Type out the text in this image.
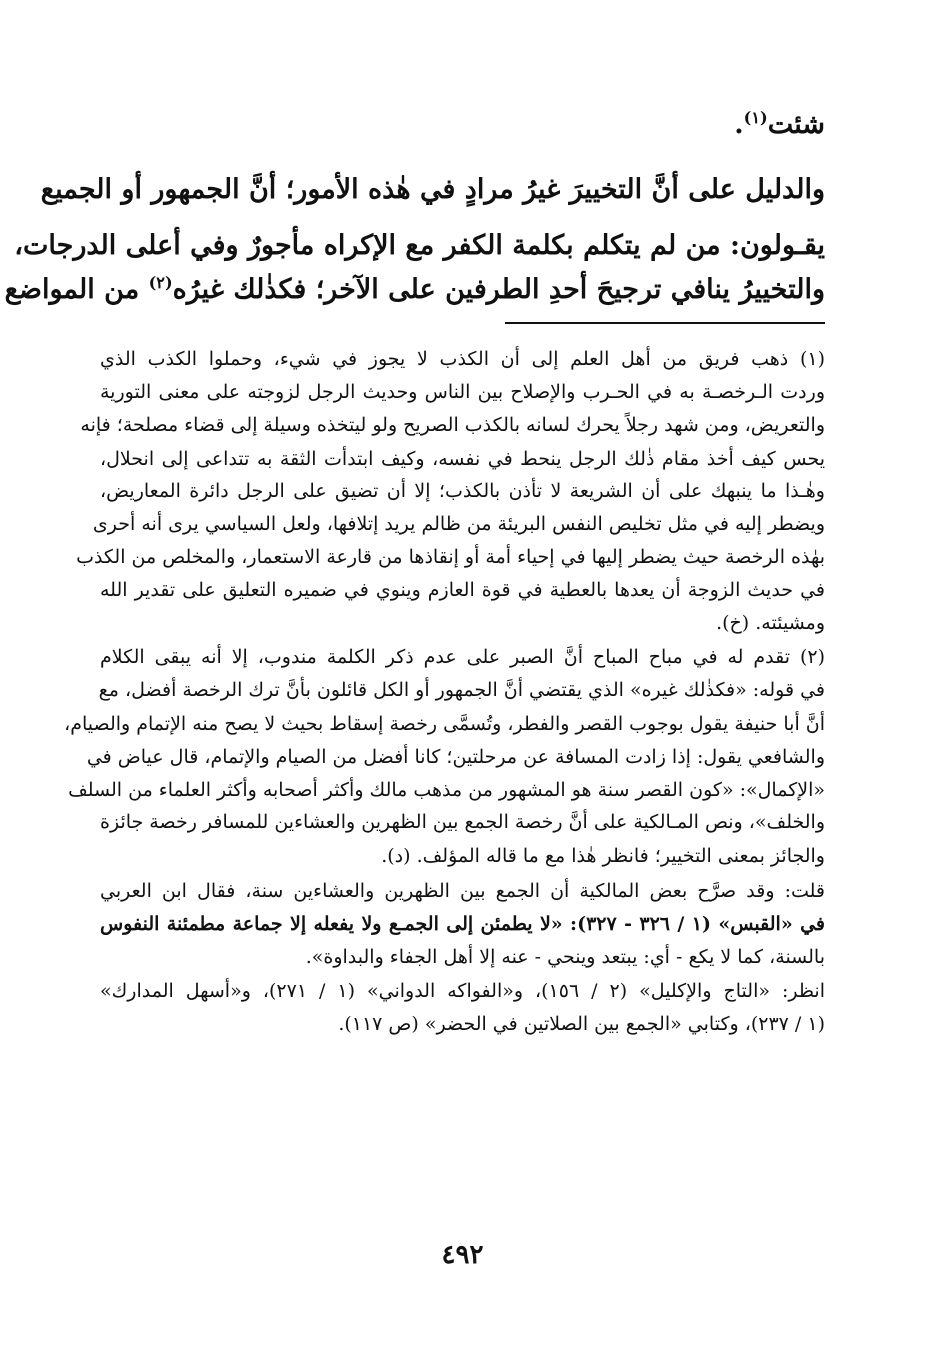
شئت$^{(١)}$.
والدليل على أنَّ التخييرَ غيرُ مرادٍ في هٰذه الأمور؛ أنَّ الجمهور أو الجميع
يقـولون: من لم يتكلم بكلمة الكفر مع الإكراه مأجورٌ وفي أعلى الدرجات،
والتخييرُ ينافي ترجيحَ أحدِ الطرفين على الآخر؛ فكذٰلك غيرُه$^{(٢)}$ من المواضع
(١) ذهب فريق من أهل العلم إلى أن الكذب لا يجوز في شيء، وحملوا الكذب الذي
وردت الـرخصـة به في الحـرب والإصلاح بين الناس وحديث الرجل لزوجته على معنى التورية
والتعريض، ومن شهد رجلاً يحرك لسانه بالكذب الصريح ولو ليتخذه وسيلة إلى قضاء مصلحة؛ فإنه
يحس كيف أخذ مقام ذٰلك الرجل ينحط في نفسه، وكيف ابتدأت الثقة به تتداعى إلى انحلال،
وهٰـذا ما ينبهك على أن الشريعة لا تأذن بالكذب؛ إلا أن تضيق على الرجل دائرة المعاريض،
ويضطر إليه في مثل تخليص النفس البريئة من ظالم يريد إتلافها، ولعل السياسي يرى أنه أحرى
بهٰذه الرخصة حيث يضطر إليها في إحياء أمة أو إنقاذها من قارعة الاستعمار، والمخلص من الكذب
في حديث الزوجة أن يعدها بالعطية في قوة العازم وينوي في ضميره التعليق على تقدير الله
ومشيئته. (خ).
(٢) تقدم له في مباح المباح أنَّ الصبر على عدم ذكر الكلمة مندوب، إلا أنه يبقى الكلام
في قوله: «فكذٰلك غيره» الذي يقتضي أنَّ الجمهور أو الكل قائلون بأنَّ ترك الرخصة أفضل، مع
أنَّ أبا حنيفة يقول بوجوب القصر والفطر، وتُسمَّى رخصة إسقاط بحيث لا يصح منه الإتمام والصيام،
والشافعي يقول: إذا زادت المسافة عن مرحلتين؛ كانا أفضل من الصيام والإتمام، قال عياض في
«الإكمال»: «كون القصر سنة هو المشهور من مذهب مالك وأكثر أصحابه وأكثر العلماء من السلف
والخلف»، ونص المـالكية على أنَّ رخصة الجمع بين الظهرين والعشاءين للمسافر رخصة جائزة
والجائز بمعنى التخيير؛ فانظر هٰذا مع ما قاله المؤلف. (د).
قلت: وقد صرَّح بعض المالكية أن الجمع بين الظهرين والعشاءين سنة، فقال ابن العربي
في «القبس» (١ / ٣٢٦ - ٣٢٧): «لا يطمئن إلى الجمـع ولا يفعله إلا جماعة مطمئنة النفوس
بالسنة، كما لا يكع - أي: يبتعد وينحي - عنه إلا أهل الجفاء والبداوة».
انظر: «التاج والإكليل» (٢ / ١٥٦)، و«الفواكه الدواني» (١ / ٢٧١)، و«أسهل المدارك»
(١ / ٢٣٧)، وكتابي «الجمع بين الصلاتين في الحضر» (ص ١١٧).
٤٩٢
